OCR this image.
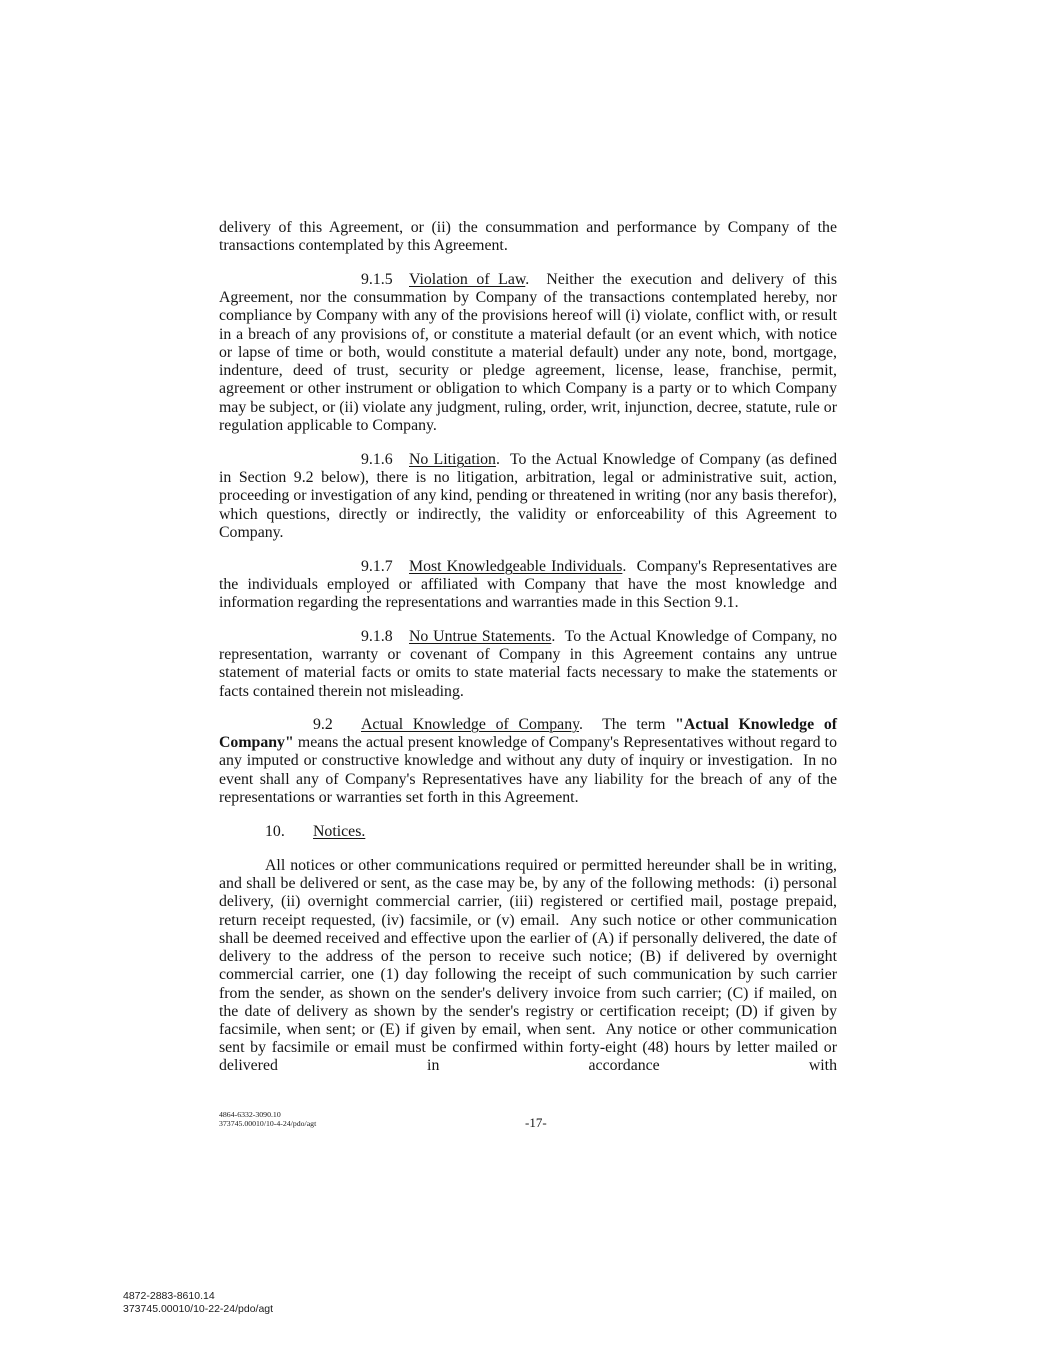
delivery of this Agreement, or (ii) the consummation and performance by Company of the transactions contemplated by this Agreement.
9.1.5 Violation of Law.  Neither the execution and delivery of this Agreement, nor the consummation by Company of the transactions contemplated hereby, nor compliance by Company with any of the provisions hereof will (i) violate, conflict with, or result in a breach of any provisions of, or constitute a material default (or an event which, with notice or lapse of time or both, would constitute a material default) under any note, bond, mortgage, indenture, deed of trust, security or pledge agreement, license, lease, franchise, permit, agreement or other instrument or obligation to which Company is a party or to which Company may be subject, or (ii) violate any judgment, ruling, order, writ, injunction, decree, statute, rule or regulation applicable to Company.
9.1.6 No Litigation.  To the Actual Knowledge of Company (as defined in Section 9.2 below), there is no litigation, arbitration, legal or administrative suit, action, proceeding or investigation of any kind, pending or threatened in writing (nor any basis therefor), which questions, directly or indirectly, the validity or enforceability of this Agreement to Company.
9.1.7 Most Knowledgeable Individuals.  Company's Representatives are the individuals employed or affiliated with Company that have the most knowledge and information regarding the representations and warranties made in this Section 9.1.
9.1.8 No Untrue Statements.  To the Actual Knowledge of Company, no representation, warranty or covenant of Company in this Agreement contains any untrue statement of material facts or omits to state material facts necessary to make the statements or facts contained therein not misleading.
9.2 Actual Knowledge of Company.  The term "Actual Knowledge of Company" means the actual present knowledge of Company's Representatives without regard to any imputed or constructive knowledge and without any duty of inquiry or investigation.  In no event shall any of Company's Representatives have any liability for the breach of any of the representations or warranties set forth in this Agreement.
10. Notices.
All notices or other communications required or permitted hereunder shall be in writing, and shall be delivered or sent, as the case may be, by any of the following methods:  (i) personal delivery, (ii) overnight commercial carrier, (iii) registered or certified mail, postage prepaid, return receipt requested, (iv) facsimile, or (v) email.  Any such notice or other communication shall be deemed received and effective upon the earlier of (A) if personally delivered, the date of delivery to the address of the person to receive such notice; (B) if delivered by overnight commercial carrier, one (1) day following the receipt of such communication by such carrier from the sender, as shown on the sender's delivery invoice from such carrier; (C) if mailed, on the date of delivery as shown by the sender's registry or certification receipt; (D) if given by facsimile, when sent; or (E) if given by email, when sent.  Any notice or other communication sent by facsimile or email must be confirmed within forty-eight (48) hours by letter mailed or delivered in accordance with
4864-6332-3090.10
373745.00010/10-4-24/pdo/agt	-17-
4872-2883-8610.14
373745.00010/10-22-24/pdo/agt
